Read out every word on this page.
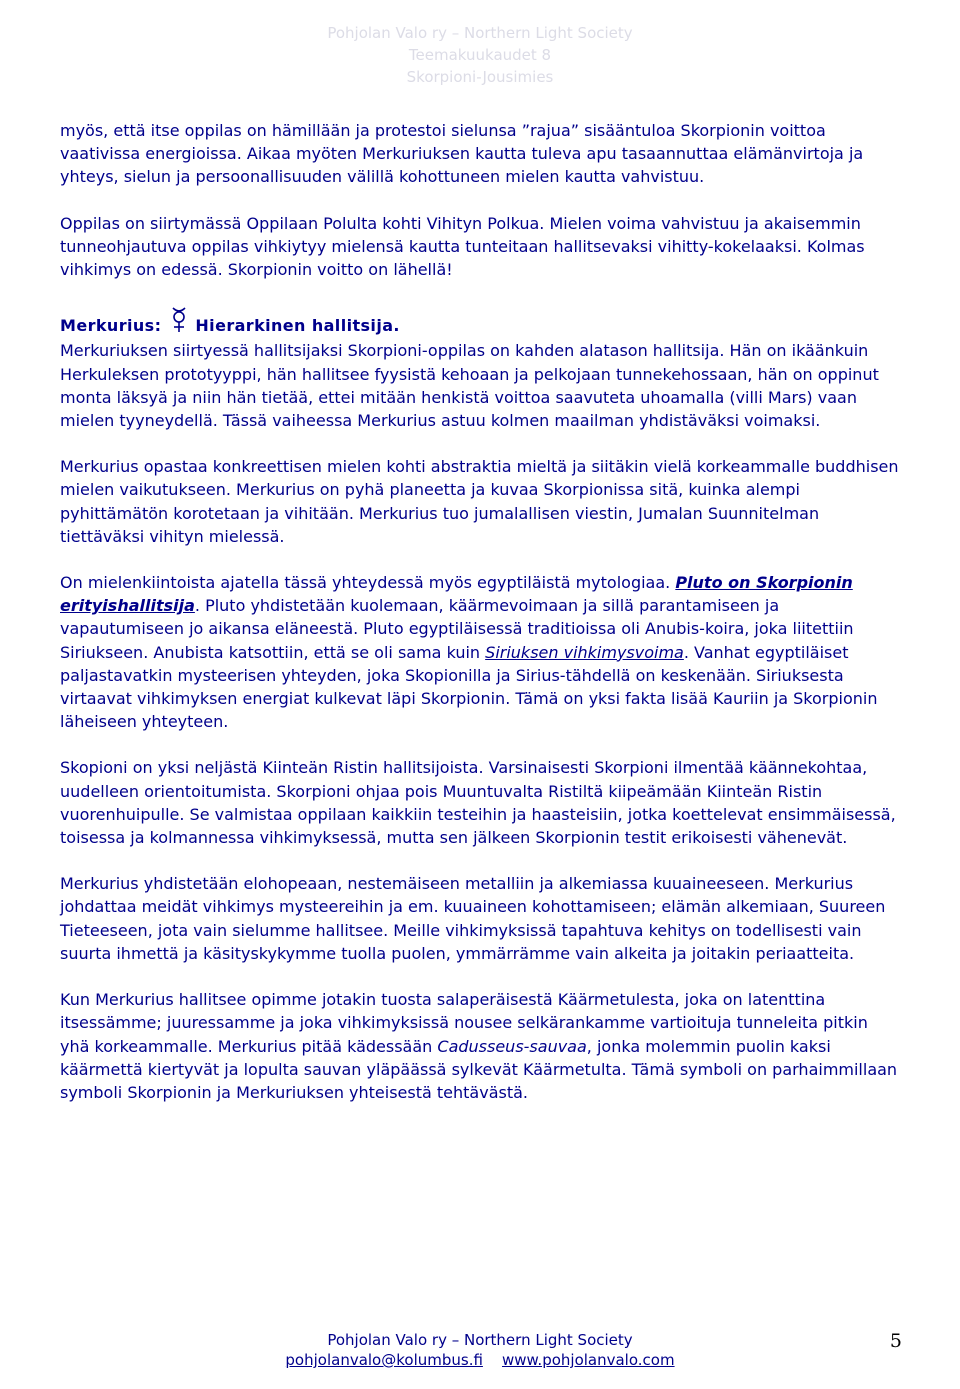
Pohjolan Valo ry – Northern Light Society
Teemakuukaudet 8
Skorpioni-Jousimies

myös, että itse oppilas on hämillään ja protestoi sielunsa ”rajua” sisääntuloa Skorpionin voittoa vaativissa energioissa. Aikaa myöten Merkuriuksen kautta tuleva apu tasaannuttaa elämänvirtoja ja yhteys, sielun ja persoonallisuuden välillä kohottuneen mielen kautta vahvistuu.

Oppilas on siirtymässä Oppilaan Polulta kohti Vihityn Polkua. Mielen voima vahvistuu ja akaisemmin tunneohjautuva oppilas vihkiytyy mielensä kautta tunteitaan hallitsevaksi vihitty-kokelaaksi. Kolmas vihkimys on edessä. Skorpionin voitto on lähellä!

Merkurius: Hierarkinen hallitsija.

Merkuriuksen siirtyessä hallitsijaksi Skorpioni-oppilas on kahden alatason hallitsija. Hän on ikäänkuin Herkuleksen prototyyppi, hän hallitsee fyysistä kehoaan ja pelkojaan tunnekehossaan, hän on oppinut monta läksyä ja niin hän tietää, ettei mitään henkistä voittoa saavuteta uhoamalla (villi Mars) vaan mielen tyyneydellä. Tässä vaiheessa Merkurius astuu kolmen maailman yhdistäväksi voimaksi.

Merkurius opastaa konkreettisen mielen kohti abstraktia mieltä ja siitäkin vielä korkeammalle buddhisen mielen vaikutukseen. Merkurius on pyhä planeetta ja kuvaa Skorpionissa sitä, kuinka alempi pyhittämätön korotetaan ja vihitään. Merkurius tuo jumalallisen viestin, Jumalan Suunnitelman tiettäväksi vihityn mielessä.

On mielenkiintoista ajatella tässä yhteydessä myös egyptiläistä mytologiaa. Pluto on Skorpionin erityishallitsija. Pluto yhdistetään kuolemaan, käärmevoimaan ja sillä parantamiseen ja vapautumiseen jo aikansa eläneestä. Pluto egyptiläisessä traditioissa oli Anubis-koira, joka liitettiin Siriukseen. Anubista katsottiin, että se oli sama kuin Siriuksen vihkimysvoima. Vanhat egyptiläiset paljastavatkin mysteerisen yhteyden, joka Skopionilla ja Sirius-tähdellä on keskenään. Siriuksesta virtaavat vihkimyksen energiat kulkevat läpi Skorpionin. Tämä on yksi fakta lisää Kauriin ja Skorpionin läheiseen yhteyteen.

Skopioni on yksi neljästä Kiinteän Ristin hallitsijoista. Varsinaisesti Skorpioni ilmentää käännekohtaa, uudelleen orientoitumista. Skorpioni ohjaa pois Muuntuvalta Ristiltä kiipeämään Kiinteän Ristin vuorenhuipulle. Se valmistaa oppilaan kaikkiin testeihin ja haasteisiin, jotka koettelevat ensimmäisessä, toisessa ja kolmannessa vihkimyksessä, mutta sen jälkeen Skorpionin testit erikoisesti vähenevät.

Merkurius yhdistetään elohopeaan, nestemäiseen metalliin ja alkemiassa kuuaineeseen. Merkurius johdattaa meidät vihkimys mysteereihin ja em. kuuaineen kohottamiseen; elämän alkemiaan, Suureen Tieteeseen, jota vain sielumme hallitsee. Meille vihkimyksissä tapahtuva kehitys on todellisesti vain suurta ihmettä ja käsityskykymme tuolla puolen, ymmärrämme vain alkeita ja joitakin periaatteita.

Kun Merkurius hallitsee opimme jotakin tuosta salaperäisestä Käärmetulesta, joka on latenttina itsessämme; juuressamme ja joka vihkimyksissä nousee selkärankamme vartioituja tunneleita pitkin yhä korkeammalle. Merkurius pitää kädessään Cadusseus-sauvaa, jonka molemmin puolin kaksi käärmettä kiertyvät ja lopulta sauvan yläpäässä sylkevät Käärmetulta. Tämä symboli on parhaimmillaan symboli Skorpionin ja Merkuriuksen yhteisestä tehtävästä.

Pohjolan Valo ry – Northern Light Society
pohjolanvalo@kolumbus.fi www.pohjolanvalo.com
5
